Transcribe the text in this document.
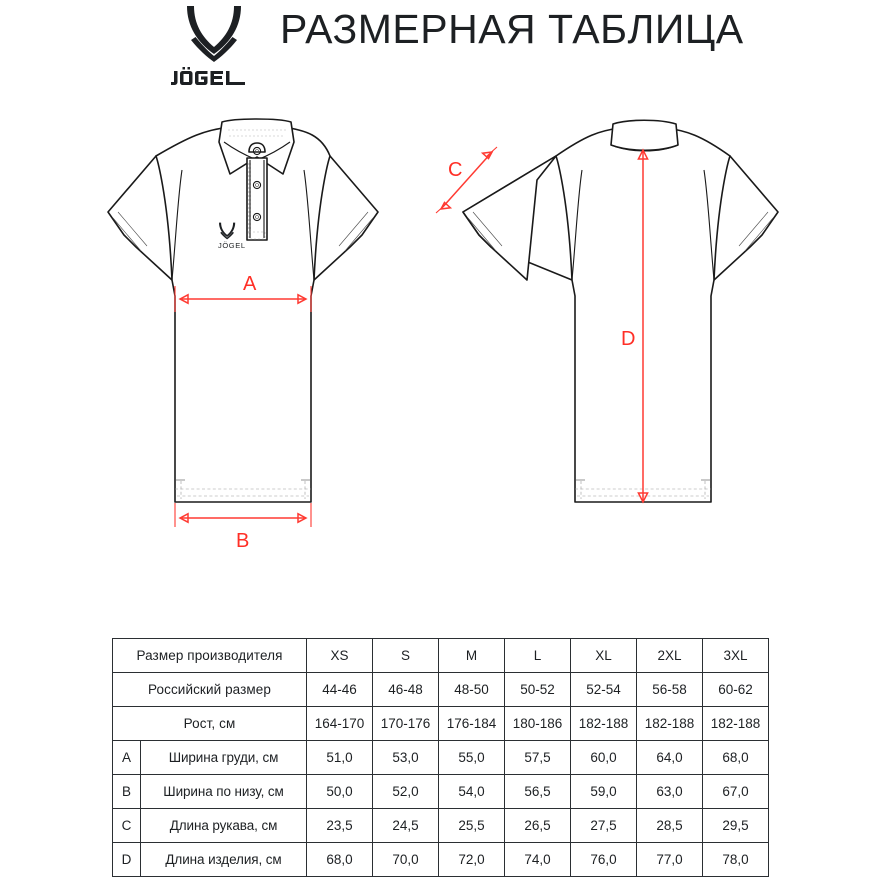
РАЗМЕРНАЯ ТАБЛИЦА
JÖGEL
A
B
C
D
Размер производителя		XS	S	M	L	XL	2XL	3XL
Российский размер		44-46	46-48	48-50	50-52	52-54	56-58	60-62
Рост, см		164-170	170-176	176-184	180-186	182-188	182-188	182-188
A	Ширина груди, см	51,0	53,0	55,0	57,5	60,0	64,0	68,0
B	Ширина по низу, см	50,0	52,0	54,0	56,5	59,0	63,0	67,0
C	Длина рукава, см	23,5	24,5	25,5	26,5	27,5	28,5	29,5
D	Длина изделия, см	68,0	70,0	72,0	74,0	76,0	77,0	78,0
